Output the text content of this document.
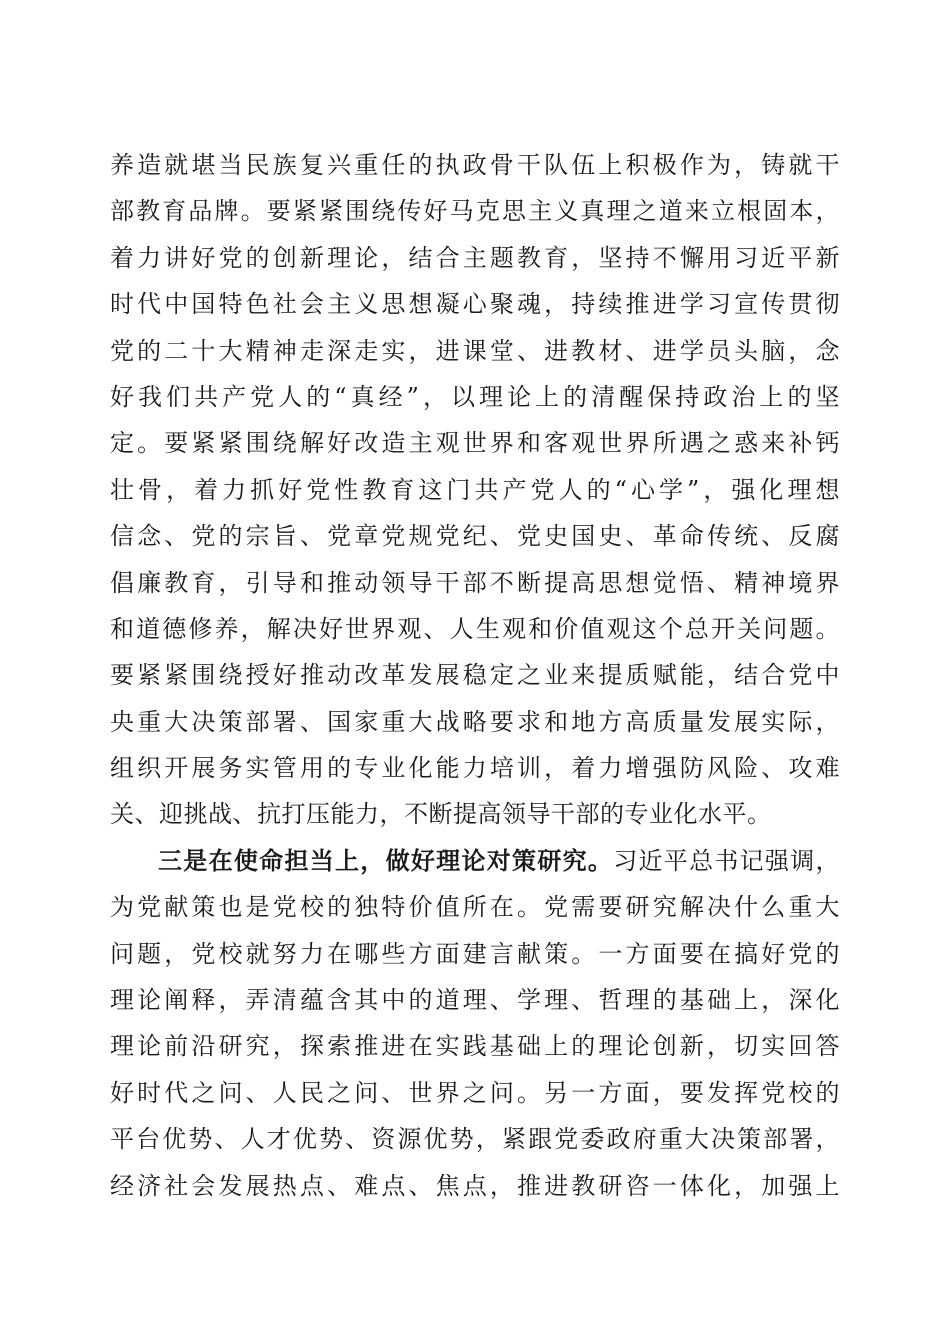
养造就堪当民族复兴重任的执政骨干队伍上积极作为，铸就干
部教育品牌。要紧紧围绕传好马克思主义真理之道来立根固本，
着力讲好党的创新理论，结合主题教育，坚持不懈用习近平新
时代中国特色社会主义思想凝心聚魂，持续推进学习宣传贯彻
党的二十大精神走深走实，进课堂、进教材、进学员头脑，念
好我们共产党人的“真经”，以理论上的清醒保持政治上的坚
定。要紧紧围绕解好改造主观世界和客观世界所遇之惑来补钙
壮骨，着力抓好党性教育这门共产党人的“心学”，强化理想
信念、党的宗旨、党章党规党纪、党史国史、革命传统、反腐
倡廉教育，引导和推动领导干部不断提高思想觉悟、精神境界
和道德修养，解决好世界观、人生观和价值观这个总开关问题。
要紧紧围绕授好推动改革发展稳定之业来提质赋能，结合党中
央重大决策部署、国家重大战略要求和地方高质量发展实际，
组织开展务实管用的专业化能力培训，着力增强防风险、攻难
关、迎挑战、抗打压能力，不断提高领导干部的专业化水平。
三是在使命担当上，做好理论对策研究。习近平总书记强调，
为党献策也是党校的独特价值所在。党需要研究解决什么重大
问题，党校就努力在哪些方面建言献策。一方面要在搞好党的
理论阐释，弄清蕴含其中的道理、学理、哲理的基础上，深化
理论前沿研究，探索推进在实践基础上的理论创新，切实回答
好时代之问、人民之问、世界之问。另一方面，要发挥党校的
平台优势、人才优势、资源优势，紧跟党委政府重大决策部署，
经济社会发展热点、难点、焦点，推进教研咨一体化，加强上
